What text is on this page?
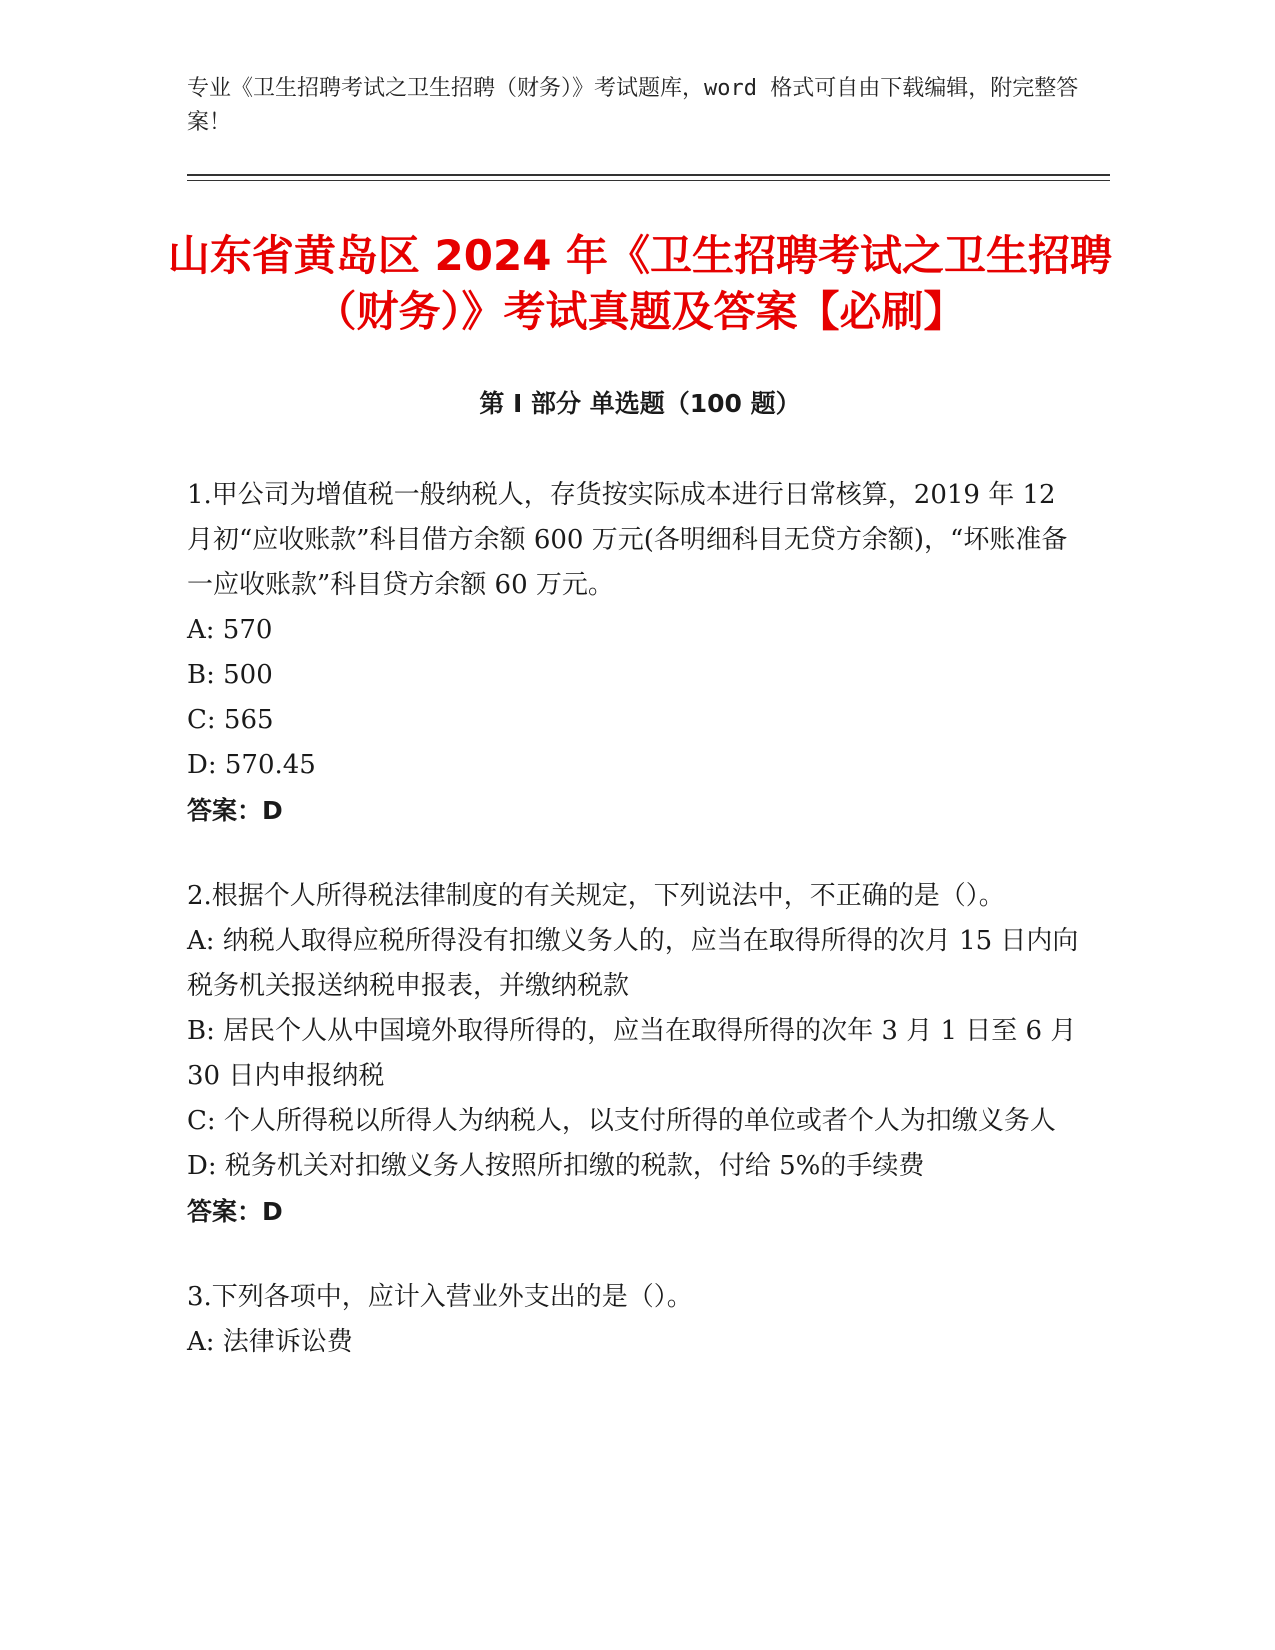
专业《卫生招聘考试之卫生招聘（财务）》考试题库，word 格式可自由下载编辑，附完整答案！
山东省黄岛区 2024 年《卫生招聘考试之卫生招聘（财务）》考试真题及答案【必刷】
第 I 部分 单选题（100 题）

1.甲公司为增值税一般纳税人，存货按实际成本进行日常核算，2019 年 12 月初“应收账款”科目借方余额 600 万元(各明细科目无贷方余额)，“坏账准备一应收账款”科目贷方余额 60 万元。

A: 570

B: 500

C: 565

D: 570.45

答案：D

2.根据个人所得税法律制度的有关规定，下列说法中，不正确的是（）。

A: 纳税人取得应税所得没有扣缴义务人的，应当在取得所得的次月 15 日内向税务机关报送纳税申报表，并缴纳税款

B: 居民个人从中国境外取得所得的，应当在取得所得的次年 3 月 1 日至 6 月 30 日内申报纳税

C: 个人所得税以所得人为纳税人，以支付所得的单位或者个人为扣缴义务人

D: 税务机关对扣缴义务人按照所扣缴的税款，付给 5%的手续费

答案：D

3.下列各项中，应计入营业外支出的是（）。

A: 法律诉讼费
